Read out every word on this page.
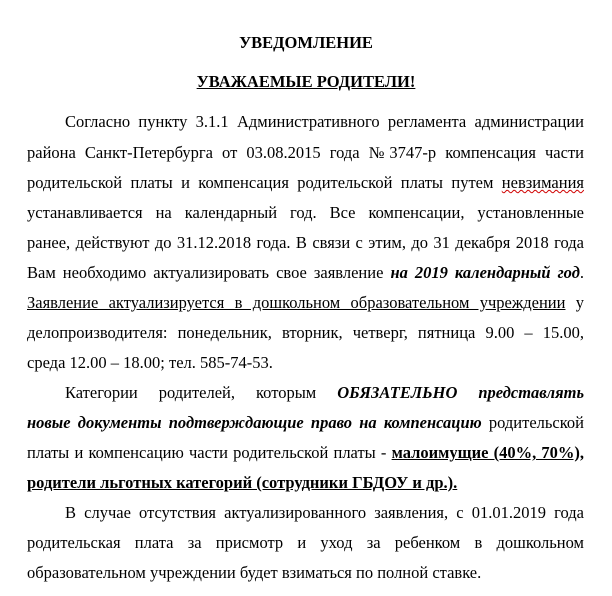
УВЕДОМЛЕНИЕ
УВАЖАЕМЫЕ РОДИТЕЛИ!
Согласно пункту 3.1.1 Административного регламента администрации
района Санкт-Петербурга от 03.08.2015 года №3747-р компенсация части
родительской платы и компенсация родительской платы путем невзимания
устанавливается на календарный год. Все компенсации, установленные
ранее, действуют до 31.12.2018 года. В связи с этим, до 31 декабря 2018 года
Вам необходимо актуализировать свое заявление на 2019 календарный год.
Заявление актуализируется в дошкольном образовательном учреждении у
делопроизводителя: понедельник, вторник, четверг, пятница 9.00 – 15.00,
среда 12.00 – 18.00; тел. 585-74-53.
Категории родителей, которым ОБЯЗАТЕЛЬНО представлять
новые документы подтверждающие право на компенсацию родительской
платы и компенсацию части родительской платы - малоимущие (40%, 70%),
родители льготных категорий (сотрудники ГБДОУ и др.).
В случае отсутствия актуализированного заявления, с 01.01.2019 года
родительская плата за присмотр и уход за ребенком в дошкольном
образовательном учреждении будет взиматься по полной ставке.
